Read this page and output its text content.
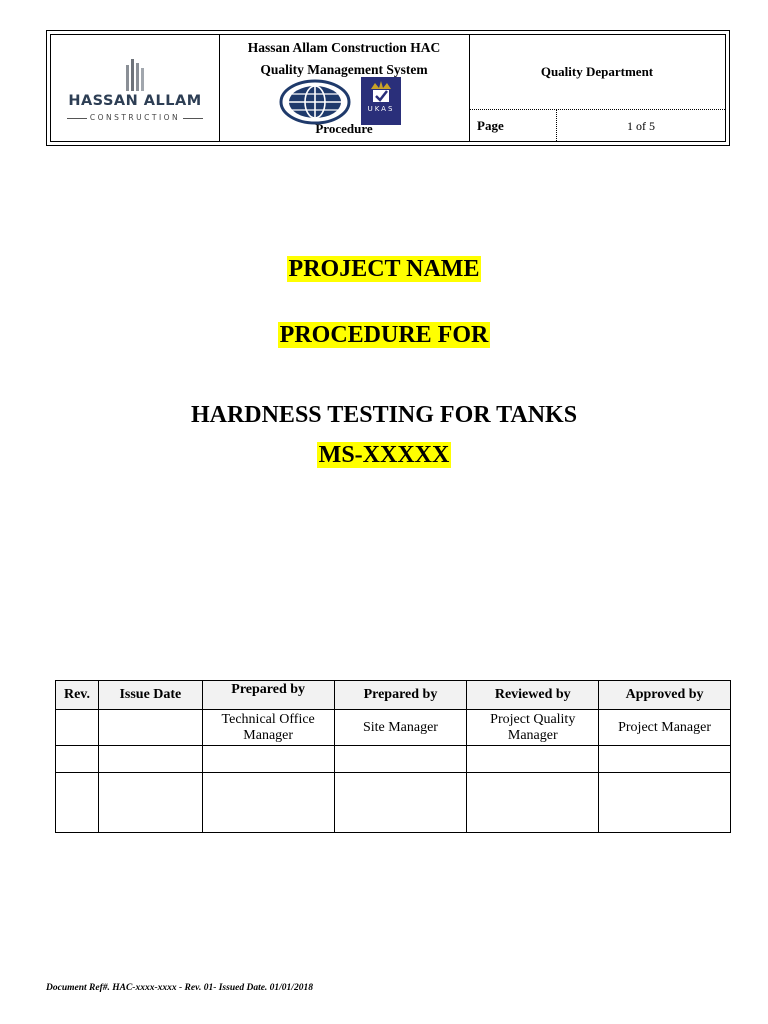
HASSAN ALLAM
CONSTRUCTION
Hassan Allam Construction HAC
Quality Management System
UKAS
Procedure
Quality Department
Page	1 of 5
PROJECT NAME
PROCEDURE FOR
HARDNESS TESTING FOR TANKS
MS-XXXXX
Rev.	Issue Date	Prepared by	Prepared by	Reviewed by	Approved by
		Technical Office Manager	Site Manager	Project Quality Manager	Project Manager

Document Ref#. HAC-xxxx-xxxx - Rev. 01- Issued Date. 01/01/2018
